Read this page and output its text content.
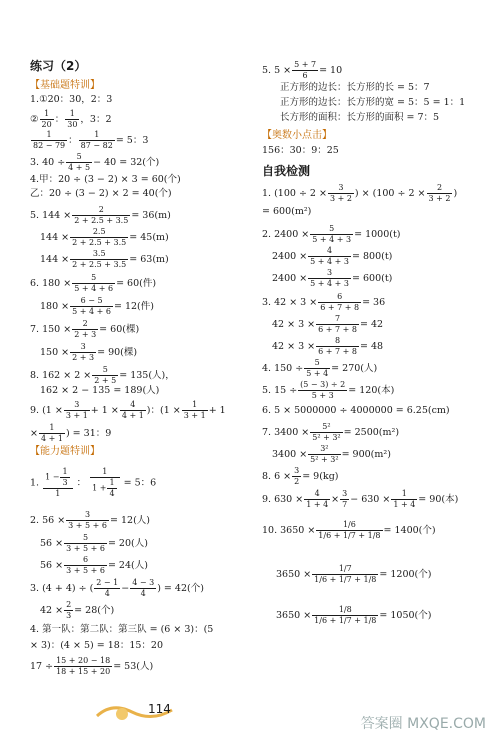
练习（2）
【基础题特训】
1.①20：30，2：3
② $\frac{1}{20}$ ： $\frac{1}{30}$ ，3：2
$\frac{1}{82 - 79}$ ： $\frac{1}{87 - 82} = 5$：3
3. $40 \div \frac{5}{4 + 5} - 40 = 32$(个)
4.甲：20 ÷ (3 − 2) × 3 = 60(个)
乙：20 ÷ (3 − 2) × 2 = 40(个)
5. $144 \times \frac{2}{2 + 2.5 + 3.5} = 36(m)$
$144 \times \frac{2.5}{2 + 2.5 + 3.5} = 45(m)$
$144 \times \frac{3.5}{2 + 2.5 + 3.5} = 63(m)$
6. $180 \times \frac{5}{5 + 4 + 6} = 60$(件)
$180 \times \frac{6 - 5}{5 + 4 + 6} = 12$(件)
7. $150 \times \frac{2}{2 + 3} = 60$(棵)
$150 \times \frac{3}{2 + 3} = 90$(棵)
8. $162 \times 2 \times \frac{5}{2 + 5} = 135$(人)，
162 × 2 − 135 = 189(人)
9. ($1 \times \frac{3}{3 + 1} + 1 \times \frac{4}{4 + 1}$ )：($1 \times \frac{1}{3 + 1} + 1$
× $\frac{1}{4 + 1}$ ) = 31：9
【能力题特训】
1. $\frac{1 - \frac{1}{3}}{1}$ ： $\frac{1}{1 + \frac{1}{4}} = 5$：6
2. $56 \times \frac{3}{3 + 5 + 6} = 12$(人)
$56 \times \frac{5}{3 + 5 + 6} = 20$(人)
$56 \times \frac{6}{3 + 5 + 6} = 24$(人)
3. (4 + 4) ÷ ( $\frac{2 - 1}{4} - \frac{4 - 3}{4}$ ) = 42(个)
$42 \times \frac{2}{3} = 28$(个)
4. 第一队：第二队：第三队 = (6 × 3)：(5
× 3)：(4 × 5) = 18：15：20
$17 \div \frac{15 + 20 - 18}{18 + 15 + 20} = 53$(人)
5. $5 \times \frac{5 + 7}{6} = 10$
正方形的边长：长方形的长 = 5：7
正方形的边长：长方形的宽 = 5：5 = 1：1
长方形的面积：长方形的面积 = 7：5
【奥数小点击】
156：30：9：25
自我检测
1. ($100 \div 2 \times \frac{3}{3 + 2}$ ) × ($100 \div 2 \times \frac{2}{3 + 2}$ )
= 600(m²)
2. $2400 \times \frac{5}{5 + 4 + 3} = 1000(t)$
$2400 \times \frac{4}{5 + 4 + 3} = 800(t)$
$2400 \times \frac{3}{5 + 4 + 3} = 600(t)$
3. $42 \times 3 \times \frac{6}{6 + 7 + 8} = 36$
$42 \times 3 \times \frac{7}{6 + 7 + 8} = 42$
$42 \times 3 \times \frac{8}{6 + 7 + 8} = 48$
4. $150 \div \frac{5}{5 + 4} = 270$(人)
5. $15 \div \frac{(5 - 3) \div 2}{5 + 3} = 120$(本)
6. 5 × 5000000 ÷ 4000000 = 6.25(cm)
7. $3400 \times \frac{\text{5²}}{\text{5² + 3²}} = 2500(m^2)$
$3400 \times \frac{\text{3²}}{\text{5² + 3²}} = 900(m^2)$
8. $6 \times \frac{3}{2} = 9(kg)$
9. $630 \times \frac{4}{1 + 4} \times \frac{3}{7} - 630 \times \frac{1}{1 + 4} = 90$(本)
10. $3650 \times \frac{1/6}{1/6 + 1/7 + 1/8} = 1400$(个)
$3650 \times \frac{1/7}{1/6 + 1/7 + 1/8} = 1200$(个)
$3650 \times \frac{1/8}{1/6 + 1/7 + 1/8} = 1050$(个)
114
答案圈 MXQE.COM
